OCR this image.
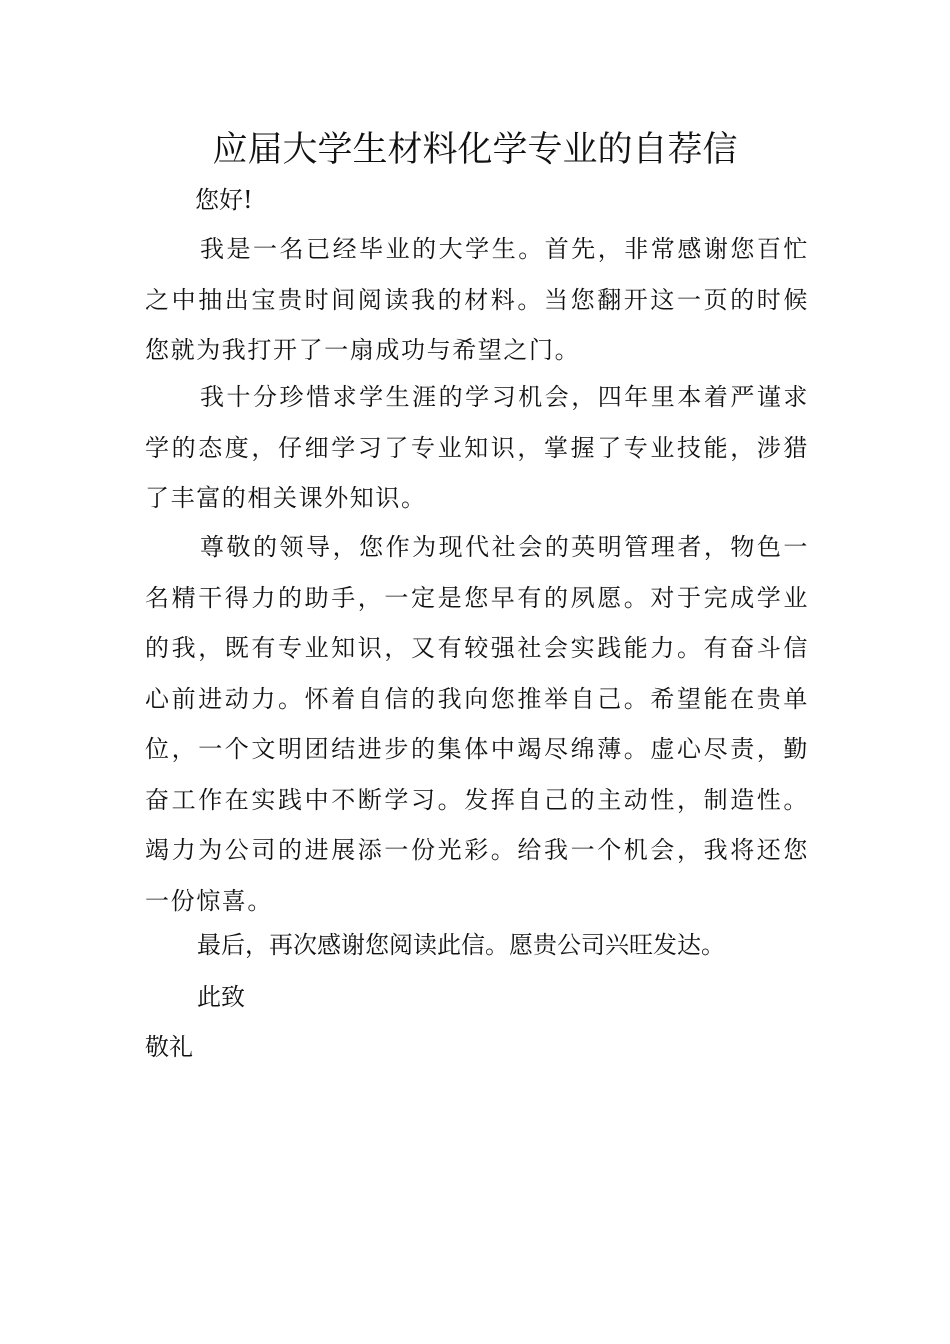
应届大学生材料化学专业的自荐信
您好!

我是一名已经毕业的大学生。首先，非常感谢您百忙之中抽出宝贵时间阅读我的材料。当您翻开这一页的时候您就为我打开了一扇成功与希望之门。

我十分珍惜求学生涯的学习机会，四年里本着严谨求学的态度，仔细学习了专业知识，掌握了专业技能，涉猎了丰富的相关课外知识。

尊敬的领导，您作为现代社会的英明管理者，物色一名精干得力的助手，一定是您早有的夙愿。对于完成学业的我，既有专业知识，又有较强社会实践能力。有奋斗信心前进动力。怀着自信的我向您推举自己。希望能在贵单位，一个文明团结进步的集体中竭尽绵薄。虚心尽责，勤奋工作在实践中不断学习。发挥自己的主动性，制造性。竭力为公司的进展添一份光彩。给我一个机会，我将还您一份惊喜。

最后，再次感谢您阅读此信。愿贵公司兴旺发达。
此致
敬礼
